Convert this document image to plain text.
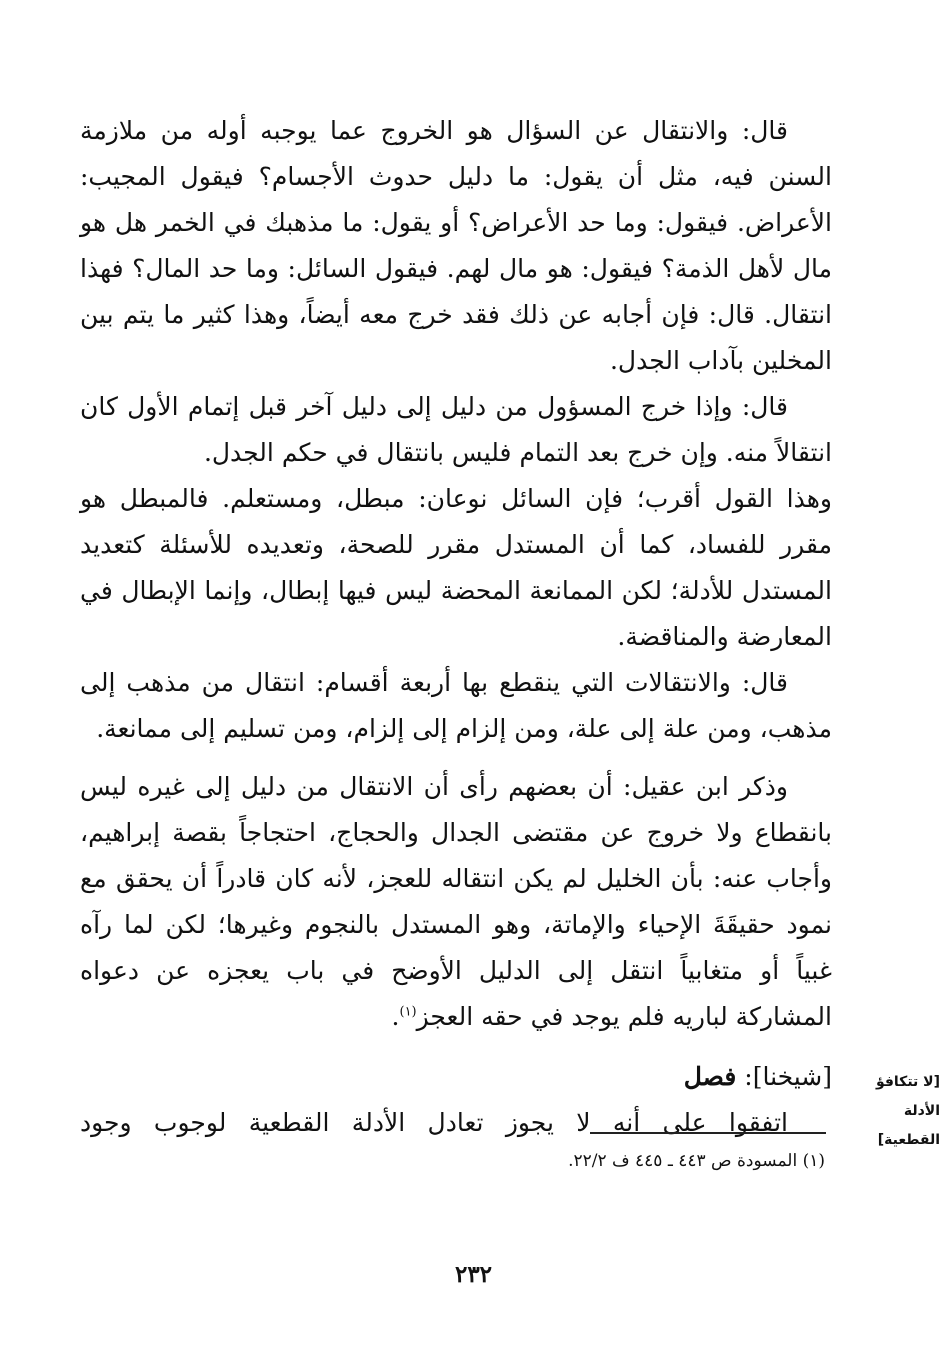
قال: والانتقال عن السؤال هو الخروج عما يوجبه أوله من ملازمة السنن فيه، مثل أن يقول: ما دليل حدوث الأجسام؟ فيقول المجيب: الأعراض. فيقول: وما حد الأعراض؟ أو يقول: ما مذهبك في الخمر هل هو مال لأهل الذمة؟ فيقول: هو مال لهم. فيقول السائل: وما حد المال؟ فهذا انتقال. قال: فإن أجابه عن ذلك فقد خرج معه أيضاً، وهذا كثير ما يتم بين المخلين بآداب الجدل.

قال: وإذا خرج المسؤول من دليل إلى دليل آخر قبل إتمام الأول كان انتقالاً منه. وإن خرج بعد التمام فليس بانتقال في حكم الجدل.

وهذا القول أقرب؛ فإن السائل نوعان: مبطل، ومستعلم. فالمبطل هو مقرر للفساد، كما أن المستدل مقرر للصحة، وتعديده للأسئلة كتعديد المستدل للأدلة؛ لكن الممانعة المحضة ليس فيها إبطال، وإنما الإبطال في المعارضة والمناقضة.

قال: والانتقالات التي ينقطع بها أربعة أقسام: انتقال من مذهب إلى مذهب، ومن علة إلى علة، ومن إلزام إلى إلزام، ومن تسليم إلى ممانعة.

وذكر ابن عقيل: أن بعضهم رأى أن الانتقال من دليل إلى غيره ليس بانقطاع ولا خروج عن مقتضى الجدال والحجاج، احتجاجاً بقصة إبراهيم، وأجاب عنه: بأن الخليل لم يكن انتقاله للعجز، لأنه كان قادراً أن يحقق مع نمود حقيقَةَ الإحياء والإماتة، وهو المستدل بالنجوم وغيرها؛ لكن لما رآه غبياً أو متغابياً انتقل إلى الدليل الأوضح في باب يعجزه عن دعواه المشاركة لباريه فلم يوجد في حقه العجز$^{(١)}$.

[شيخنا]: فصل

اتفقوا على أنه لا يجوز تعادل الأدلة القطعية لوجوب وجود

[لا تتكافؤ
الأدلة
القطعية]
(١) المسودة ص ٤٤٣ ـ ٤٤٥ ف ٢٢/٢.
٢٣٢
